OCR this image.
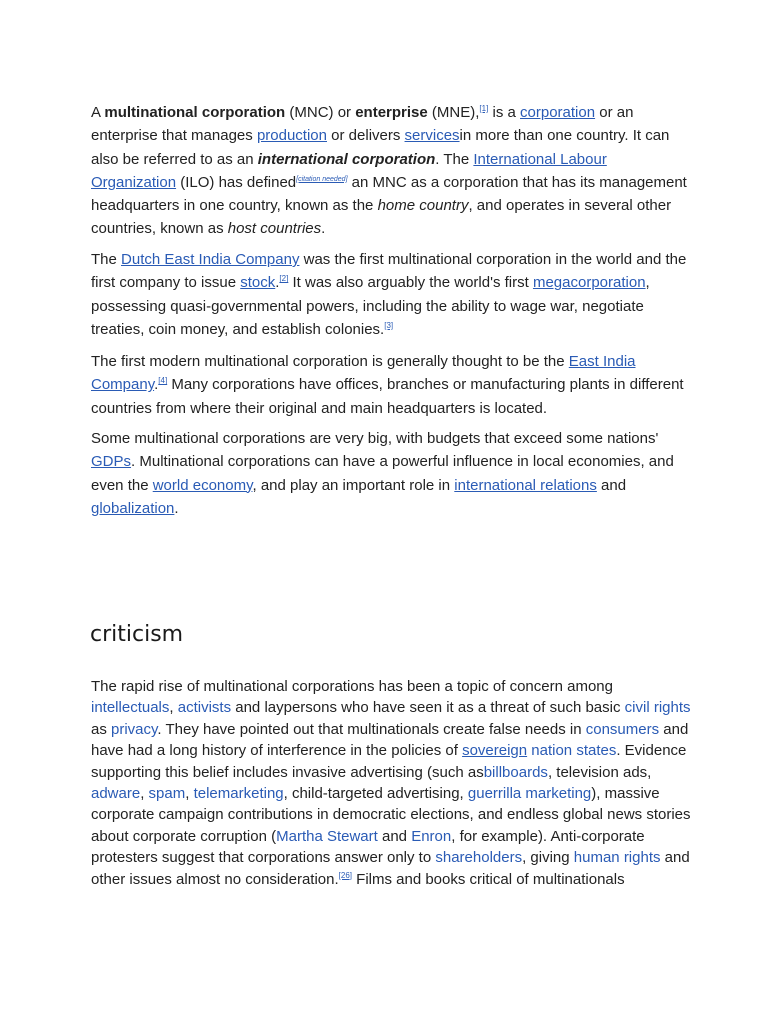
A multinational corporation (MNC) or enterprise (MNE),[1] is a corporation or an enterprise that manages production or delivers servicesin more than one country. It can also be referred to as an international corporation. The International Labour Organization (ILO) has defined[citation needed] an MNC as a corporation that has its management headquarters in one country, known as the home country, and operates in several other countries, known as host countries.

The Dutch East India Company was the first multinational corporation in the world and the first company to issue stock.[2] It was also arguably the world's first megacorporation, possessing quasi-governmental powers, including the ability to wage war, negotiate treaties, coin money, and establish colonies.[3]

The first modern multinational corporation is generally thought to be the East India Company.[4] Many corporations have offices, branches or manufacturing plants in different countries from where their original and main headquarters is located.

Some multinational corporations are very big, with budgets that exceed some nations' GDPs. Multinational corporations can have a powerful influence in local economies, and even the world economy, and play an important role in international relations and globalization.

criticism

The rapid rise of multinational corporations has been a topic of concern among intellectuals, activists and laypersons who have seen it as a threat of such basic civil rights as privacy. They have pointed out that multinationals create false needs in consumers and have had a long history of interference in the policies of sovereign nation states. Evidence supporting this belief includes invasive advertising (such asbillboards, television ads, adware, spam, telemarketing, child-targeted advertising, guerrilla marketing), massive corporate campaign contributions in democratic elections, and endless global news stories about corporate corruption (Martha Stewart and Enron, for example). Anti-corporate protesters suggest that corporations answer only to shareholders, giving human rights and other issues almost no consideration.[26] Films and books critical of multinationals
